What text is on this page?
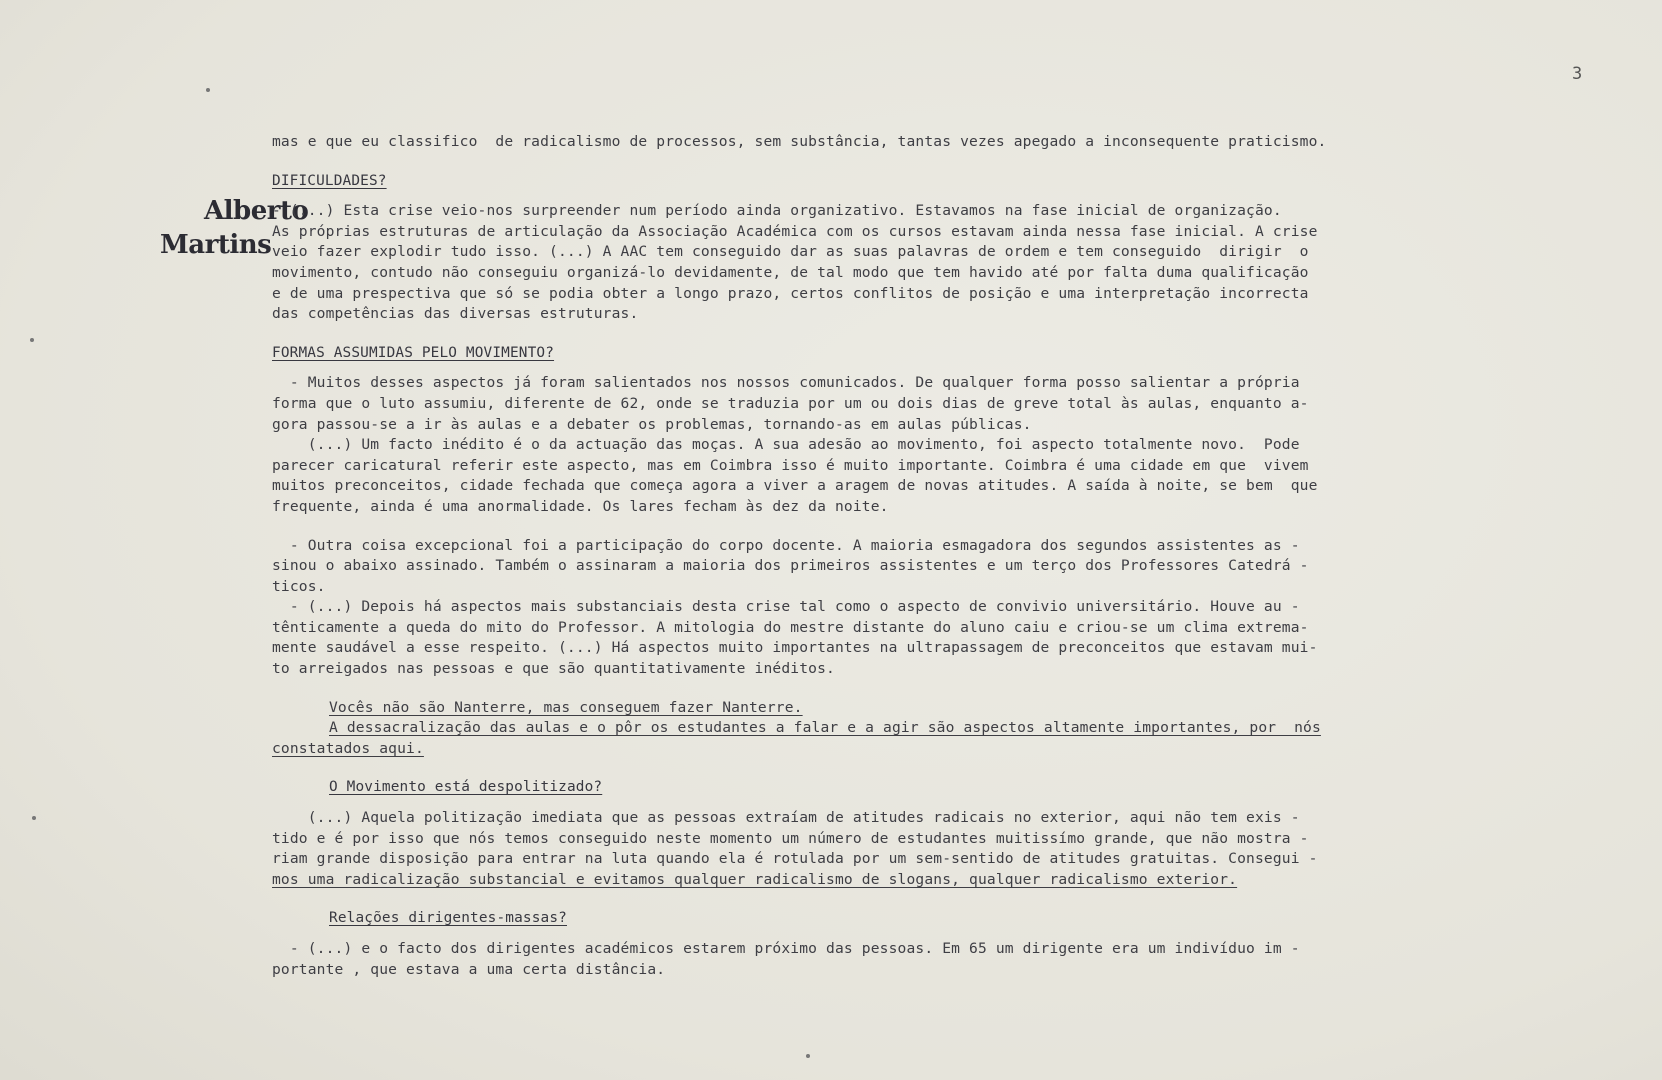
3
Alberto
Martins
mas e que eu classifico  de radicalismo de processos, sem substância, tantas vezes apegado a inconsequente praticismo.
DIFICULDADES?
- (...) Esta crise veio-nos surpreender num período ainda organizativo. Estavamos na fase inicial de organização.
As próprias estruturas de articulação da Associação Académica com os cursos estavam ainda nessa fase inicial. A crise
veio fazer explodir tudo isso. (...) A AAC tem conseguido dar as suas palavras de ordem e tem conseguido  dirigir  o
movimento, contudo não conseguiu organizá-lo devidamente, de tal modo que tem havido até por falta duma qualificação
e de uma prespectiva que só se podia obter a longo prazo, certos conflitos de posição e uma interpretação incorrecta
das competências das diversas estruturas.
FORMAS ASSUMIDAS PELO MOVIMENTO?
- Muitos desses aspectos já foram salientados nos nossos comunicados. De qualquer forma posso salientar a própria
forma que o luto assumiu, diferente de 62, onde se traduzia por um ou dois dias de greve total às aulas, enquanto a-
gora passou-se a ir às aulas e a debater os problemas, tornando-as em aulas públicas.
(...) Um facto inédito é o da actuação das moças. A sua adesão ao movimento, foi aspecto totalmente novo.  Pode
parecer caricatural referir este aspecto, mas em Coimbra isso é muito importante. Coimbra é uma cidade em que  vivem
muitos preconceitos, cidade fechada que começa agora a viver a aragem de novas atitudes. A saída à noite, se bem  que
frequente, ainda é uma anormalidade. Os lares fecham às dez da noite.
- Outra coisa excepcional foi a participação do corpo docente. A maioria esmagadora dos segundos assistentes as -
sinou o abaixo assinado. Também o assinaram a maioria dos primeiros assistentes e um terço dos Professores Catedrá -
ticos.
- (...) Depois há aspectos mais substanciais desta crise tal como o aspecto de convivio universitário. Houve au -
tênticamente a queda do mito do Professor. A mitologia do mestre distante do aluno caiu e criou-se um clima extrema-
mente saudável a esse respeito. (...) Há aspectos muito importantes na ultrapassagem de preconceitos que estavam mui-
to arreigados nas pessoas e que são quantitativamente inéditos.
Vocês não são Nanterre, mas conseguem fazer Nanterre.
A dessacralização das aulas e o pôr os estudantes a falar e a agir são aspectos altamente importantes, por  nós
constatados aqui.
O Movimento está despolitizado?
(...) Aquela politização imediata que as pessoas extraíam de atitudes radicais no exterior, aqui não tem exis -
tido e é por isso que nós temos conseguido neste momento um número de estudantes muitissímo grande, que não mostra -
riam grande disposição para entrar na luta quando ela é rotulada por um sem-sentido de atitudes gratuitas. Consegui -
mos uma radicalização substancial e evitamos qualquer radicalismo de slogans, qualquer radicalismo exterior.
Relações dirigentes-massas?
- (...) e o facto dos dirigentes académicos estarem próximo das pessoas. Em 65 um dirigente era um indivíduo im -
portante , que estava a uma certa distância.
